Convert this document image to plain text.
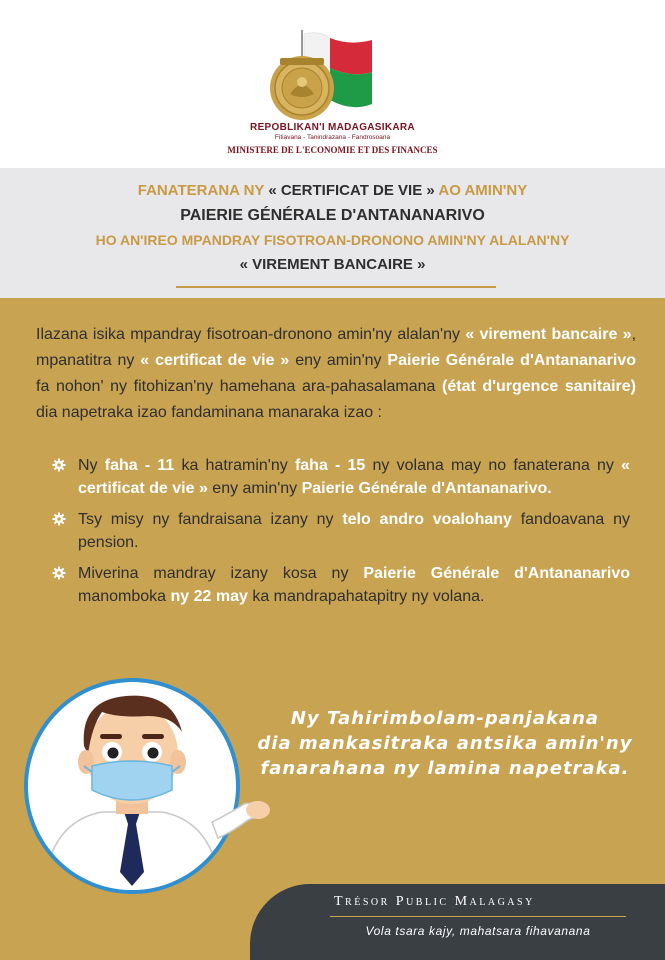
REPOBLIKAN'I MADAGASIKARA
Fitiavana - Tanindrazana - Fandrosoana
MINISTERE DE L'ECONOMIE ET DES FINANCES
FANATERANA NY « CERTIFICAT DE VIE » AO AMIN'NY
PAIERIE GÉNÉRALE D'ANTANANARIVO
HO AN'IREO MPANDRAY FISOTROAN-DRONONO AMIN'NY ALALAN'NY
« VIREMENT BANCAIRE »

Ilazana isika mpandray fisotroan-dronono amin'ny alalan'ny « virement bancaire », mpanatitra ny « certificat de vie » eny amin'ny Paierie Générale d'Antananarivo fa nohon' ny fitohizan'ny hamehana ara-pahasalamana (état d'urgence sanitaire) dia napetraka izao fandaminana manaraka izao :

Ny faha - 11 ka hatramin'ny faha - 15 ny volana may no fanaterana ny « certificat de vie » eny amin'ny Paierie Générale d'Antananarivo.
Tsy misy ny fandraisana izany ny telo andro voalohany fandoavana ny pension.
Miverina mandray izany kosa ny Paierie Générale d'Antananarivo manomboka ny 22 may ka mandrapahatapitry ny volana.
Ny Tahirimbolam-panjakana
dia mankasitraka antsika amin'ny
fanarahana ny lamina napetraka.
Trésor Public Malagasy
Vola tsara kajy, mahatsara fihavanana
